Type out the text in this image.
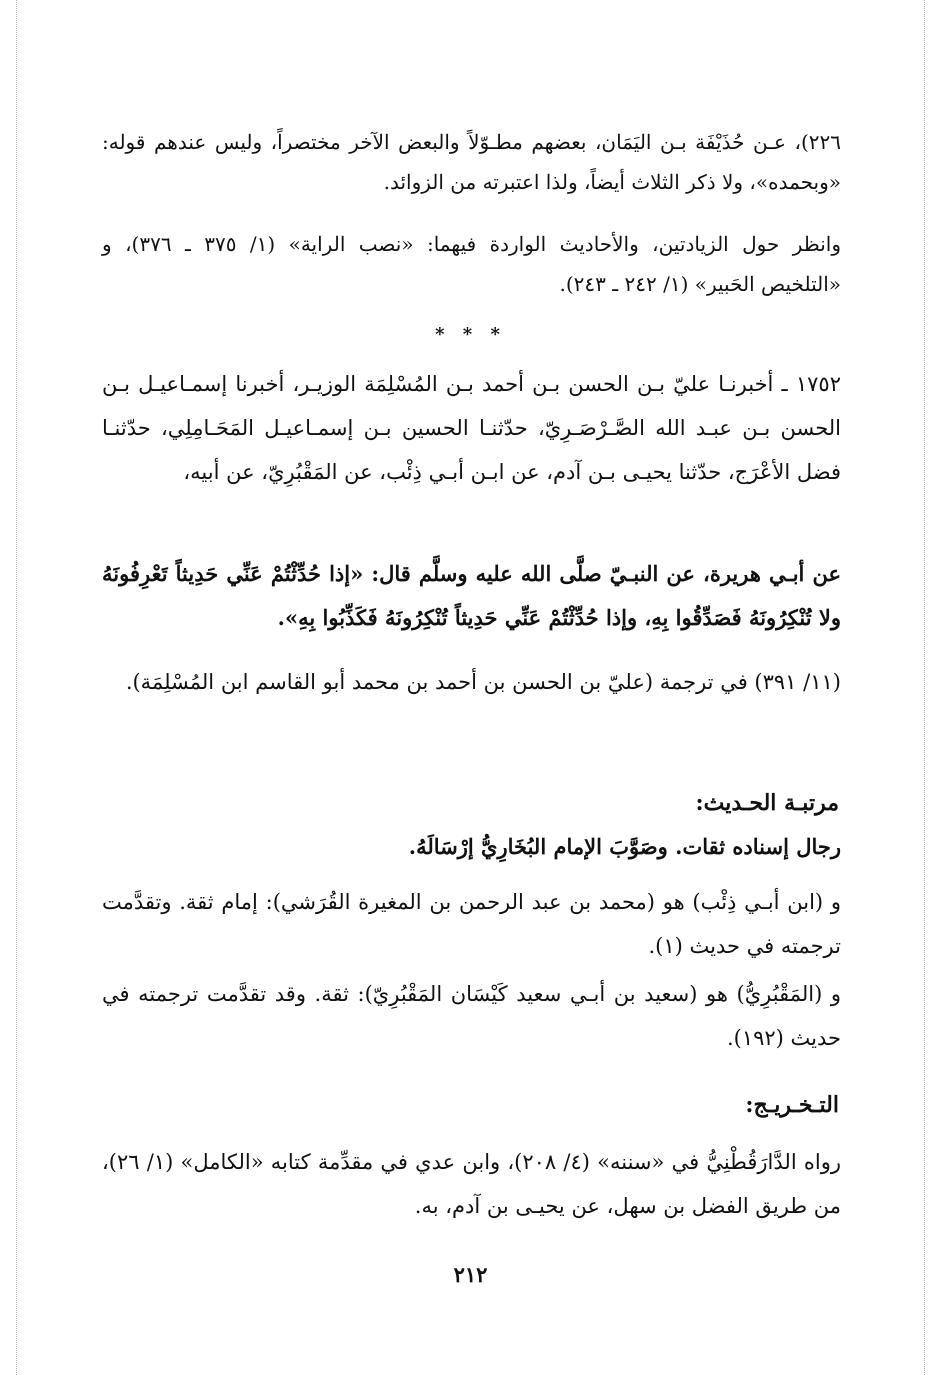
٢٢٦)، عـن حُذَيْفَة بـن اليَمَان، بعضهم مطـوّلاً والبعض الآخر مختصراً، وليس عندهم قوله: «وبحمده»، ولا ذكر الثلاث أيضاً، ولذا اعتبرته من الزوائد.

وانظر حول الزيادتين، والأحاديث الواردة فيهما: «نصب الراية» (١/ ٣٧٥ ـ ٣٧٦)، و «التلخيص الحَبير» (١/ ٢٤٢ ـ ٢٤٣).

* * *

١٧٥٢ ـ أخبرنـا عليّ بـن الحسن بـن أحمد بـن المُسْلِمَة الوزيـر، أخبرنا إسمـاعيـل بـن الحسن بـن عبـد الله الصَّـرْصَـرِيّ، حدّثنـا الحسين بـن إسمـاعيـل المَحَـامِلِي، حدّثنـا فضل الأعْرَج، حدّثنا يحيـى بـن آدم، عن ابـن أبـي ذِئْب، عن المَقْبُرِيّ، عن أبيه،

عن أبـي هريرة، عن النبـيّ صلَّى الله عليه وسلَّم قال: «إذا حُدِّثْتُمْ عَنِّي حَدِيثاً تَعْرِفُونَهُ ولا تُنْكِرُونَهُ فَصَدِّقُوا بِهِ، وإذا حُدِّثْتُمْ عَنِّي حَدِيثاً تُنْكِرُونَهُ فَكَذِّبُوا بِهِ».

(١١/ ٣٩١) في ترجمة (عليّ بن الحسن بن أحمد بن محمد أبو القاسم ابن المُسْلِمَة).

مرتبـة الحـديث:

رجال إسناده ثقات. وصَوَّبَ الإمام البُخَارِيُّ إرْسَالَهُ.

و (ابن أبـي ذِئْب) هو (محمد بن عبد الرحمن بن المغيرة القُرَشي): إمام ثقة. وتقدَّمت ترجمته في حديث (١).

و (المَقْبُرِيُّ) هو (سعيد بن أبـي سعيد كَيْسَان المَقْبُرِيّ): ثقة. وقد تقدَّمت ترجمته في حديث (١٩٢).

التـخـريـج:

رواه الدَّارَقُطْنِيُّ في «سننه» (٤/ ٢٠٨)، وابن عدي في مقدِّمة كتابه «الكامل» (١/ ٢٦)، من طريق الفضل بن سهل، عن يحيـى بن آدم، به.

٢١٢
